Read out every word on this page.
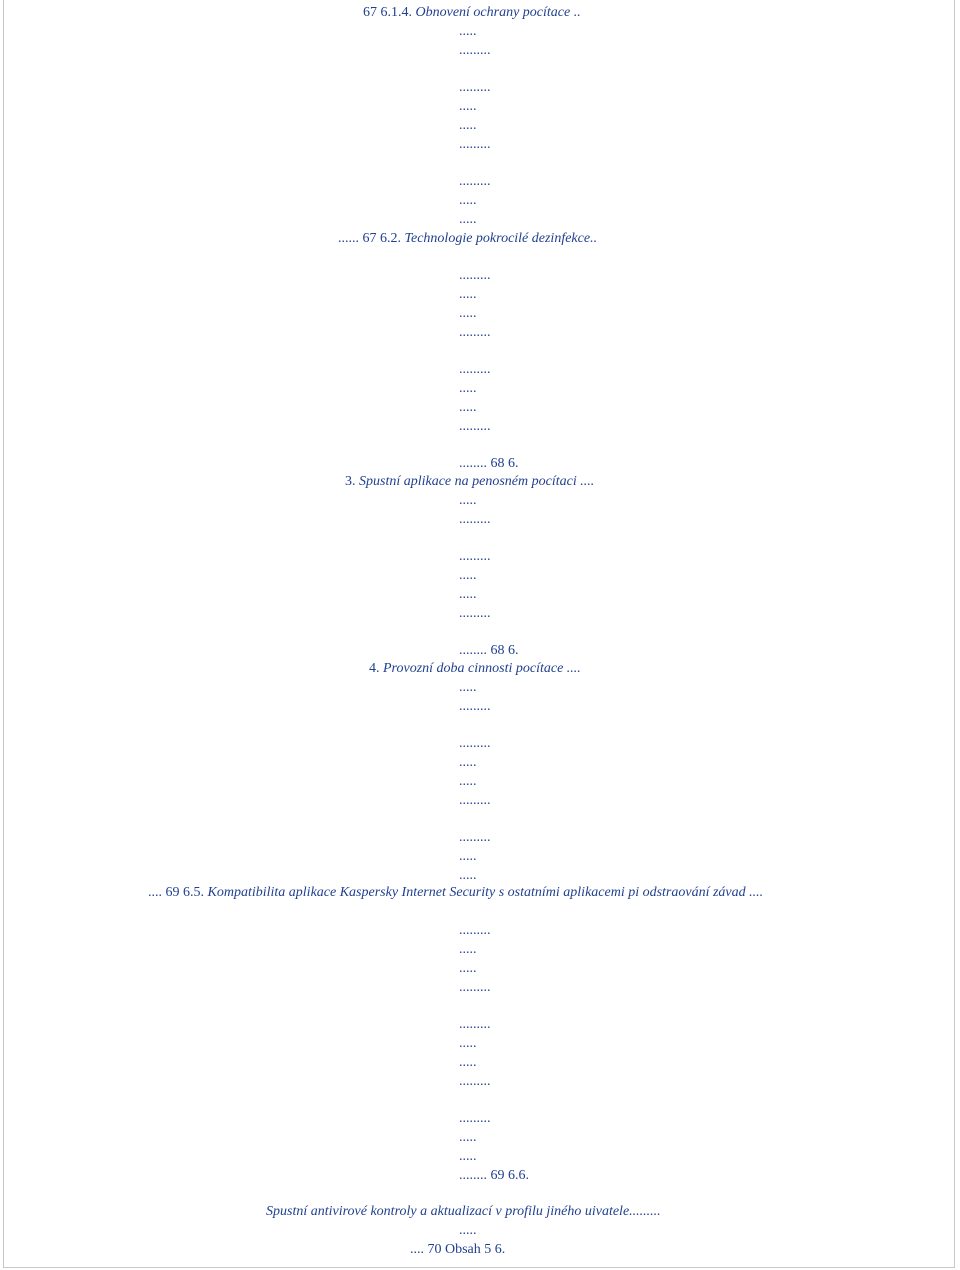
67 6.1.4. Obnovení ochrany pocítace ..
.....
.........
.........
.....
.....
.........
.........
.....
.....
...... 67 6.2. Technologie pokrocilé dezinfekce..
.........
.....
.....
.........
.........
.....
.....
.........
........ 68 6.
3. Spustní aplikace na penosném pocítaci ....
.....
.........
.........
.....
.....
.........
........ 68 6.
4. Provozní doba cinnosti pocítace ....
.....
.........
.........
.....
.....
.........
.........
.....
.....
.... 69 6.5. Kompatibilita aplikace Kaspersky Internet Security s ostatními aplikacemi pi odstraování závad ....
.........
.....
.....
.........
.........
.....
.....
.........
.........
.....
.....
........ 69 6.6.
Spustní antivirové kontroly a aktualizací v profilu jiného uivatele.........
.....
.... 70 Obsah 5 6.
